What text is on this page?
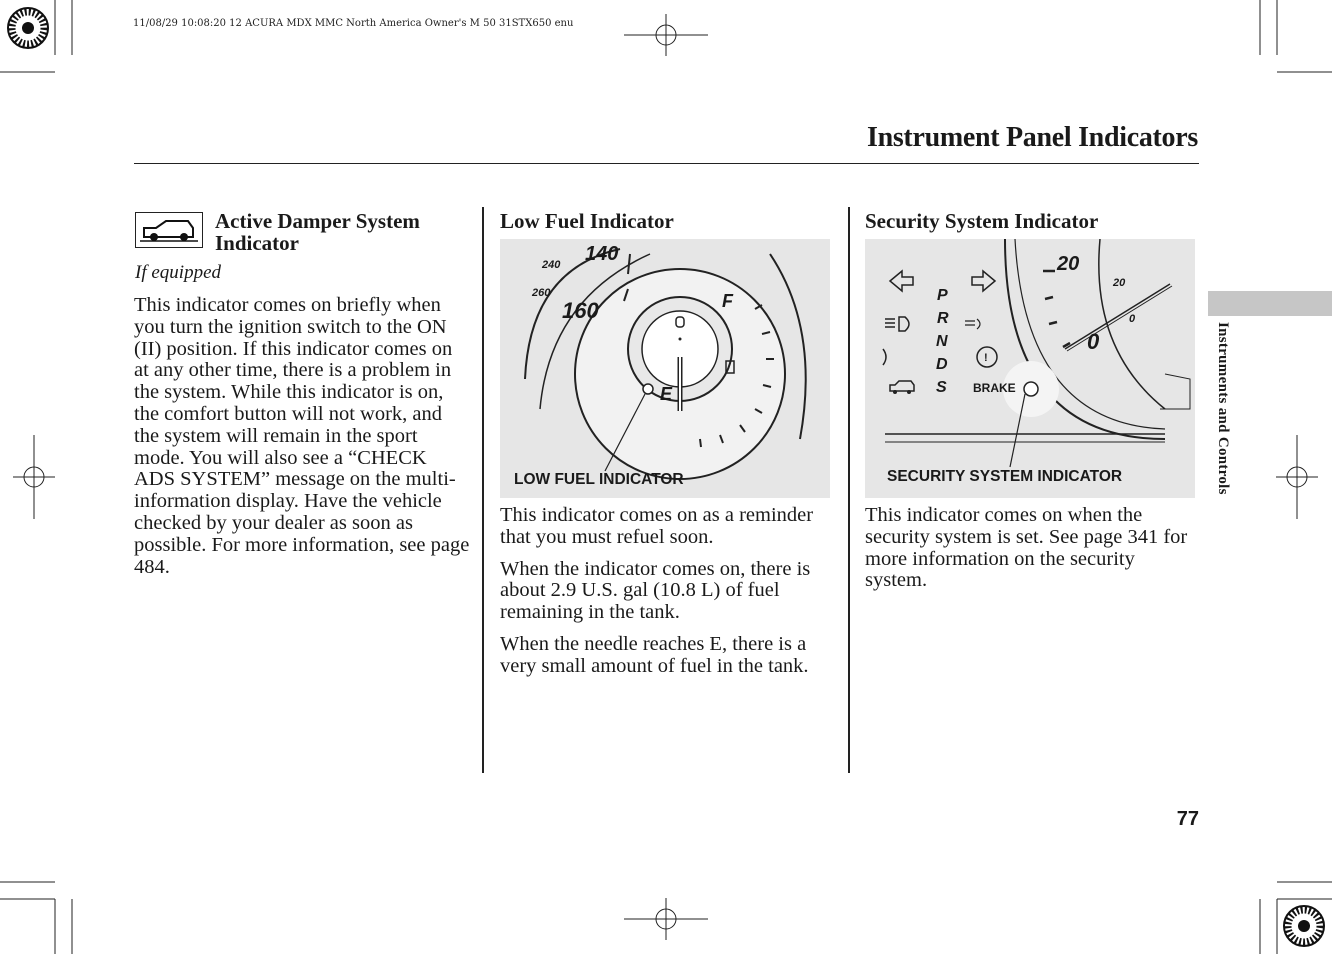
11/08/29 10:08:20 12 ACURA MDX MMC North America Owner's M 50 31STX650 enu
Instrument Panel Indicators
Active Damper System Indicator
If equipped
This indicator comes on briefly when you turn the ignition switch to the ON (II) position. If this indicator comes on at any other time, there is a problem in the system. While this indicator is on, the comfort button will not work, and the system will remain in the sport mode. You will also see a “CHECK ADS SYSTEM” message on the multi-information display. Have the vehicle checked by your dealer as soon as possible. For more information, see page 484.
Low Fuel Indicator
140
240
260
160	F
E
LOW FUEL INDICATOR

This indicator comes on as a reminder that you must refuel soon.

When the indicator comes on, there is about 2.9 U.S. gal (10.8 L) of fuel remaining in the tank.

When the needle reaches E, there is a very small amount of fuel in the tank.

Security System Indicator
!
P
R
N
D
S BRAKE
20
0
20
0
SECURITY SYSTEM INDICATOR
This indicator comes on when the security system is set. See page 341 for more information on the security system.
Instruments and Controls
77
